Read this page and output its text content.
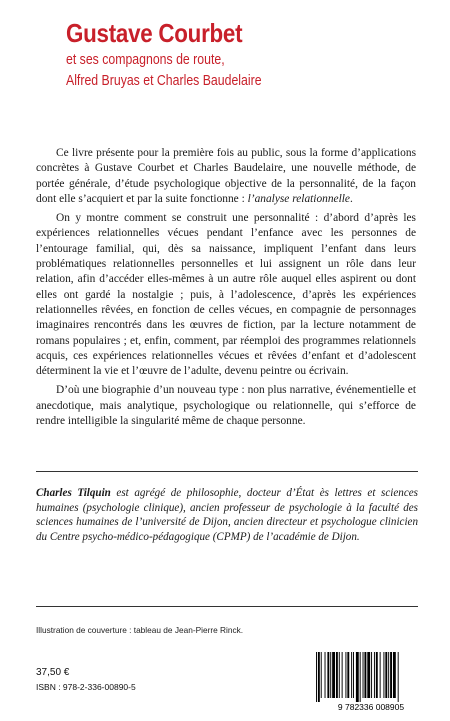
Gustave Courbet
et ses compagnons de route,
Alfred Bruyas et Charles Baudelaire

Ce livre présente pour la première fois au public, sous la forme d’applications concrètes à Gustave Courbet et Charles Baudelaire, une nouvelle méthode, de portée générale, d’étude psychologique objective de la personnalité, de la façon dont elle s’acquiert et par la suite fonctionne : l’analyse relationnelle.

On y montre comment se construit une personnalité : d’abord d’après les expériences relationnelles vécues pendant l’enfance avec les personnes de l’entourage familial, qui, dès sa naissance, impliquent l’enfant dans leurs problématiques relationnelles personnelles et lui assignent un rôle dans leur relation, afin d’accéder elles-mêmes à un autre rôle auquel elles aspirent ou dont elles ont gardé la nostalgie ; puis, à l’adolescence, d’après les expériences relationnelles rêvées, en fonction de celles vécues, en compagnie de personnages imaginaires rencontrés dans les œuvres de fiction, par la lecture notamment de romans populaires ; et, enfin, comment, par réemploi des programmes relationnels acquis, ces expériences relationnelles vécues et rêvées d’enfant et d’adolescent déterminent la vie et l’œuvre de l’adulte, devenu peintre ou écrivain.

D’où une biographie d’un nouveau type : non plus narrative, événementielle et anecdotique, mais analytique, psychologique ou relationnelle, qui s’efforce de rendre intelligible la singularité même de chaque personne.

Charles Tilquin est agrégé de philosophie, docteur d’État ès lettres et sciences humaines (psychologie clinique), ancien professeur de psychologie à la faculté des sciences humaines de l’université de Dijon, ancien directeur et psychologue clinicien du Centre psycho-médico-pédagogique (CPMP) de l’académie de Dijon.
Illustration de couverture : tableau de Jean-Pierre Rinck.
37,50 €
ISBN : 978-2-336-00890-5
9 782336 008905
